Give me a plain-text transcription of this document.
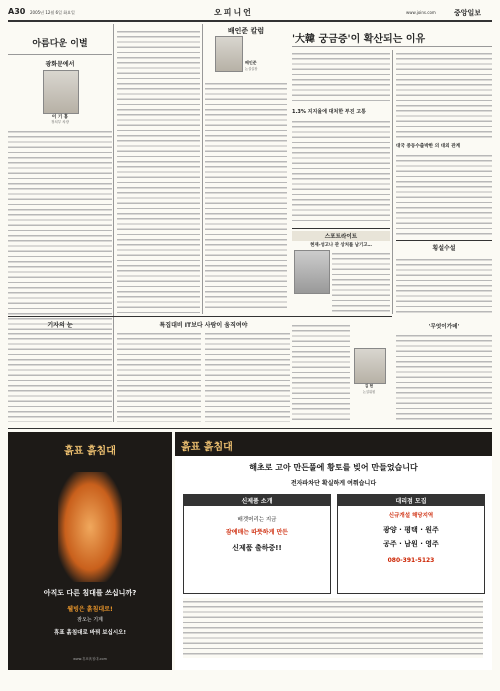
A30 2005년 12월 6일 화요일	오피니언	www.joins.com	중앙일보
아름다운 이별
광화문에서
이 기 홍
정치부 차장
배인준 칼럼
배인준
논설실장
'大韓 궁금증'이 확산되는 이유
1.3% 지지율에 대처한 부진 고통
대국 중동수출박한 의 대외 관계
스포트라이트
현재-성고나 관 상처를 남기고…	횡설수설
'무엇이가데'
기자의 눈	특집대비 IT보다 사람이 움직여야
김 현
논설위원
흙표 흙침대
아직도 다른 침대를 쓰십니까?
웰빙은 흙침대로!
잠오는 기계
휴표 흙침대로 바꿔 보십시오!
www.휴표흙침대.com
흙표 흙침대
해초로 고아 만든풀에 황토를 빚어 만들었습니다
전자파차단 확실하게 여쭤습니다
신제품 소개
배겟머리는 지금
잠에매는 따뜻하게 만든
신제품 출하중!!
대리점 모집
신규개설 해당지역
광양 · 평택 · 원주
공주 · 남원 · 영주
080-391-5123
